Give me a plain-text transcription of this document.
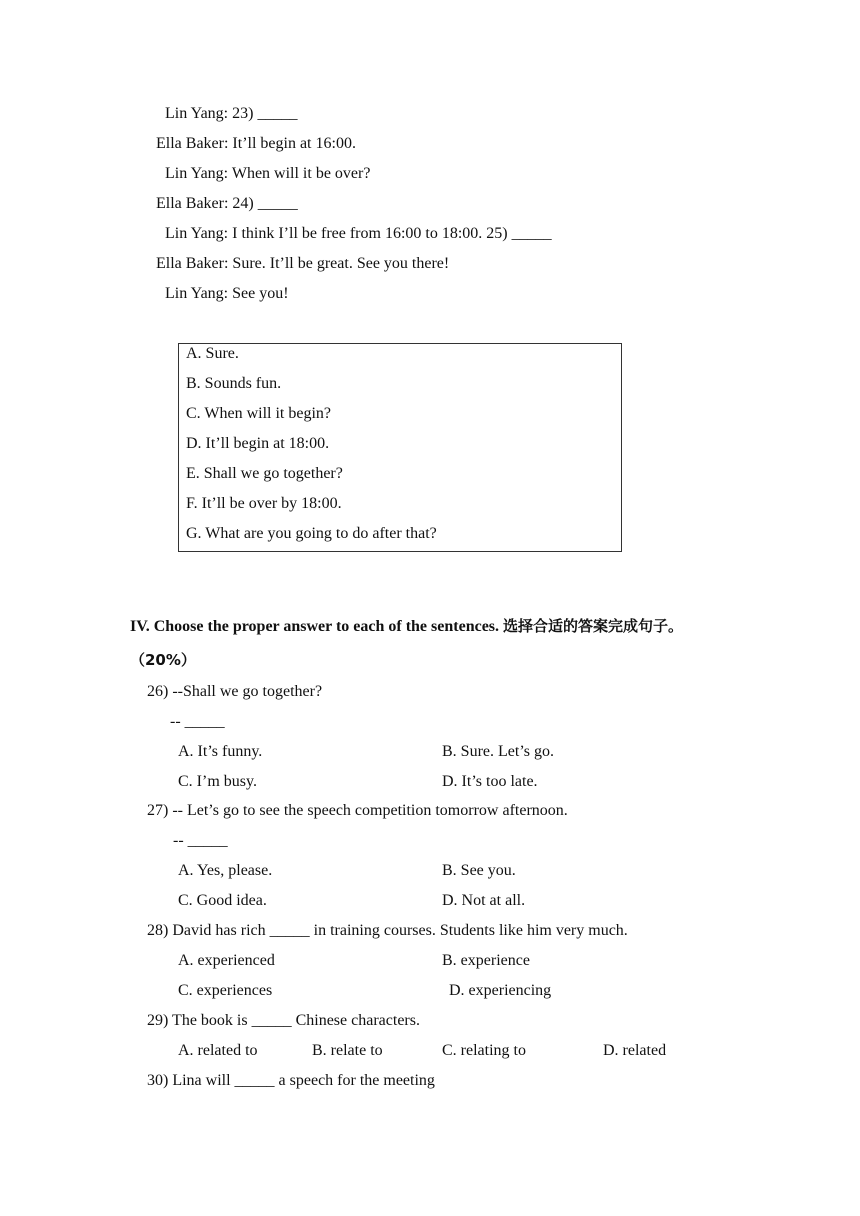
Lin Yang: 23) _____
Ella Baker: It’ll begin at 16:00.
Lin Yang: When will it be over?
Ella Baker: 24) _____
Lin Yang: I think I’ll be free from 16:00 to 18:00. 25) _____
Ella Baker: Sure. It’ll be great. See you there!
Lin Yang: See you!
A. Sure.
B. Sounds fun.
C. When will it begin?
D. It’ll begin at 18:00.
E. Shall we go together?
F. It’ll be over by 18:00.
G. What are you going to do after that?
IV. Choose the proper answer to each of the sentences. 选择合适的答案完成句子。
（20%）
26) --Shall we go together?
-- _____
A. It’s funny.	B. Sure. Let’s go.
C. I’m busy.	D. It’s too late.
27) -- Let’s go to see the speech competition tomorrow afternoon.
-- _____
A. Yes, please.	B. See you.
C. Good idea.	D. Not at all.
28) David has rich _____ in training courses. Students like him very much.
A. experienced	B. experience
C. experiences	D. experiencing
29) The book is _____ Chinese characters.
A. related to	B. relate to	C. relating to	D. related
30) Lina will _____ a speech for the meeting
